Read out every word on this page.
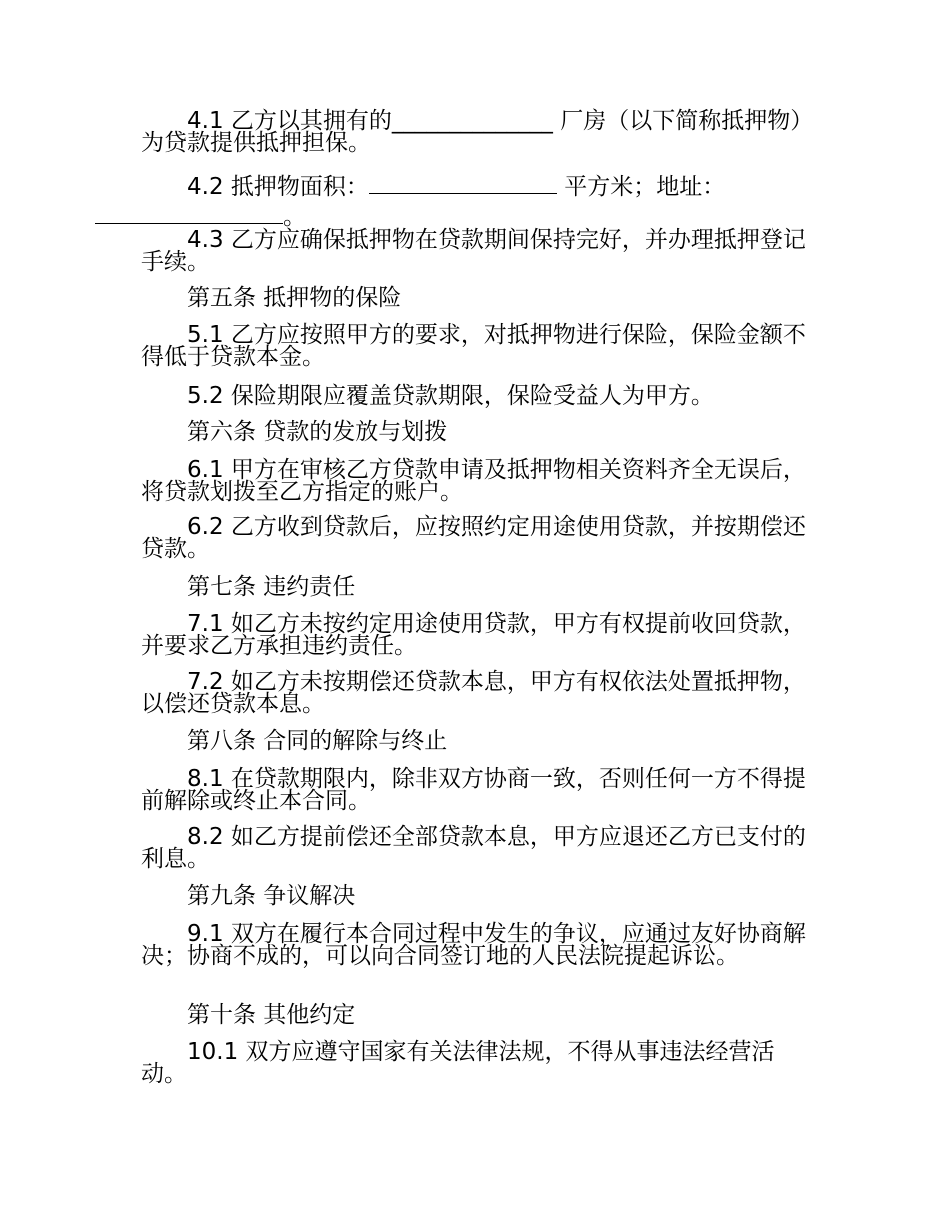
4.1 乙方以其拥有的______________ 厂房（以下简称抵押物）为贷款提供抵押担保。
4.2 抵押物面积：	平方米；地址：
。
4.3 乙方应确保抵押物在贷款期间保持完好，并办理抵押登记手续。
第五条 抵押物的保险
5.1 乙方应按照甲方的要求，对抵押物进行保险，保险金额不得低于贷款本金。
5.2 保险期限应覆盖贷款期限，保险受益人为甲方。
第六条 贷款的发放与划拨
6.1 甲方在审核乙方贷款申请及抵押物相关资料齐全无误后，将贷款划拨至乙方指定的账户。
6.2 乙方收到贷款后，应按照约定用途使用贷款，并按期偿还贷款。
第七条 违约责任
7.1 如乙方未按约定用途使用贷款，甲方有权提前收回贷款，并要求乙方承担违约责任。
7.2 如乙方未按期偿还贷款本息，甲方有权依法处置抵押物，以偿还贷款本息。
第八条 合同的解除与终止
8.1 在贷款期限内，除非双方协商一致，否则任何一方不得提前解除或终止本合同。
8.2 如乙方提前偿还全部贷款本息，甲方应退还乙方已支付的利息。
第九条 争议解决
9.1 双方在履行本合同过程中发生的争议，应通过友好协商解决；协商不成的，可以向合同签订地的人民法院提起诉讼。
第十条 其他约定
10.1 双方应遵守国家有关法律法规，不得从事违法经营活动。
